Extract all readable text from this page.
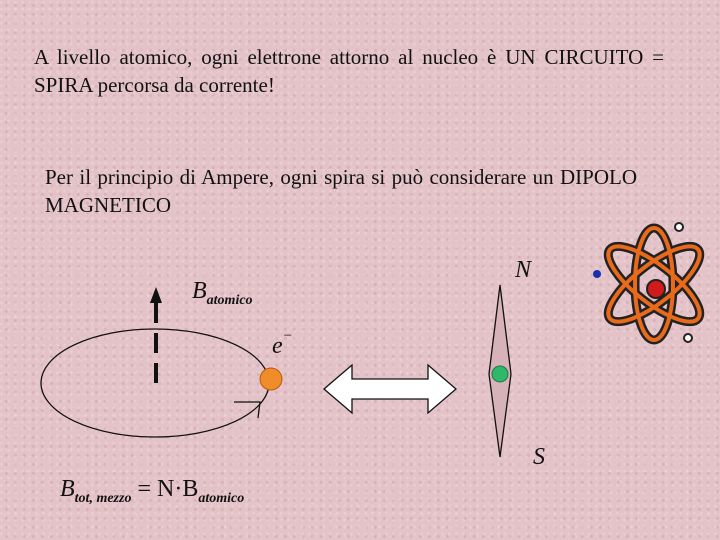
A livello atomico, ogni elettrone attorno al nucleo è UN CIRCUITO = SPIRA percorsa da corrente!
Per il principio di Ampere, ogni spira si può considerare un DIPOLO MAGNETICO
Batomico
e−
N
S
Btot, mezzo = N·Batomico
